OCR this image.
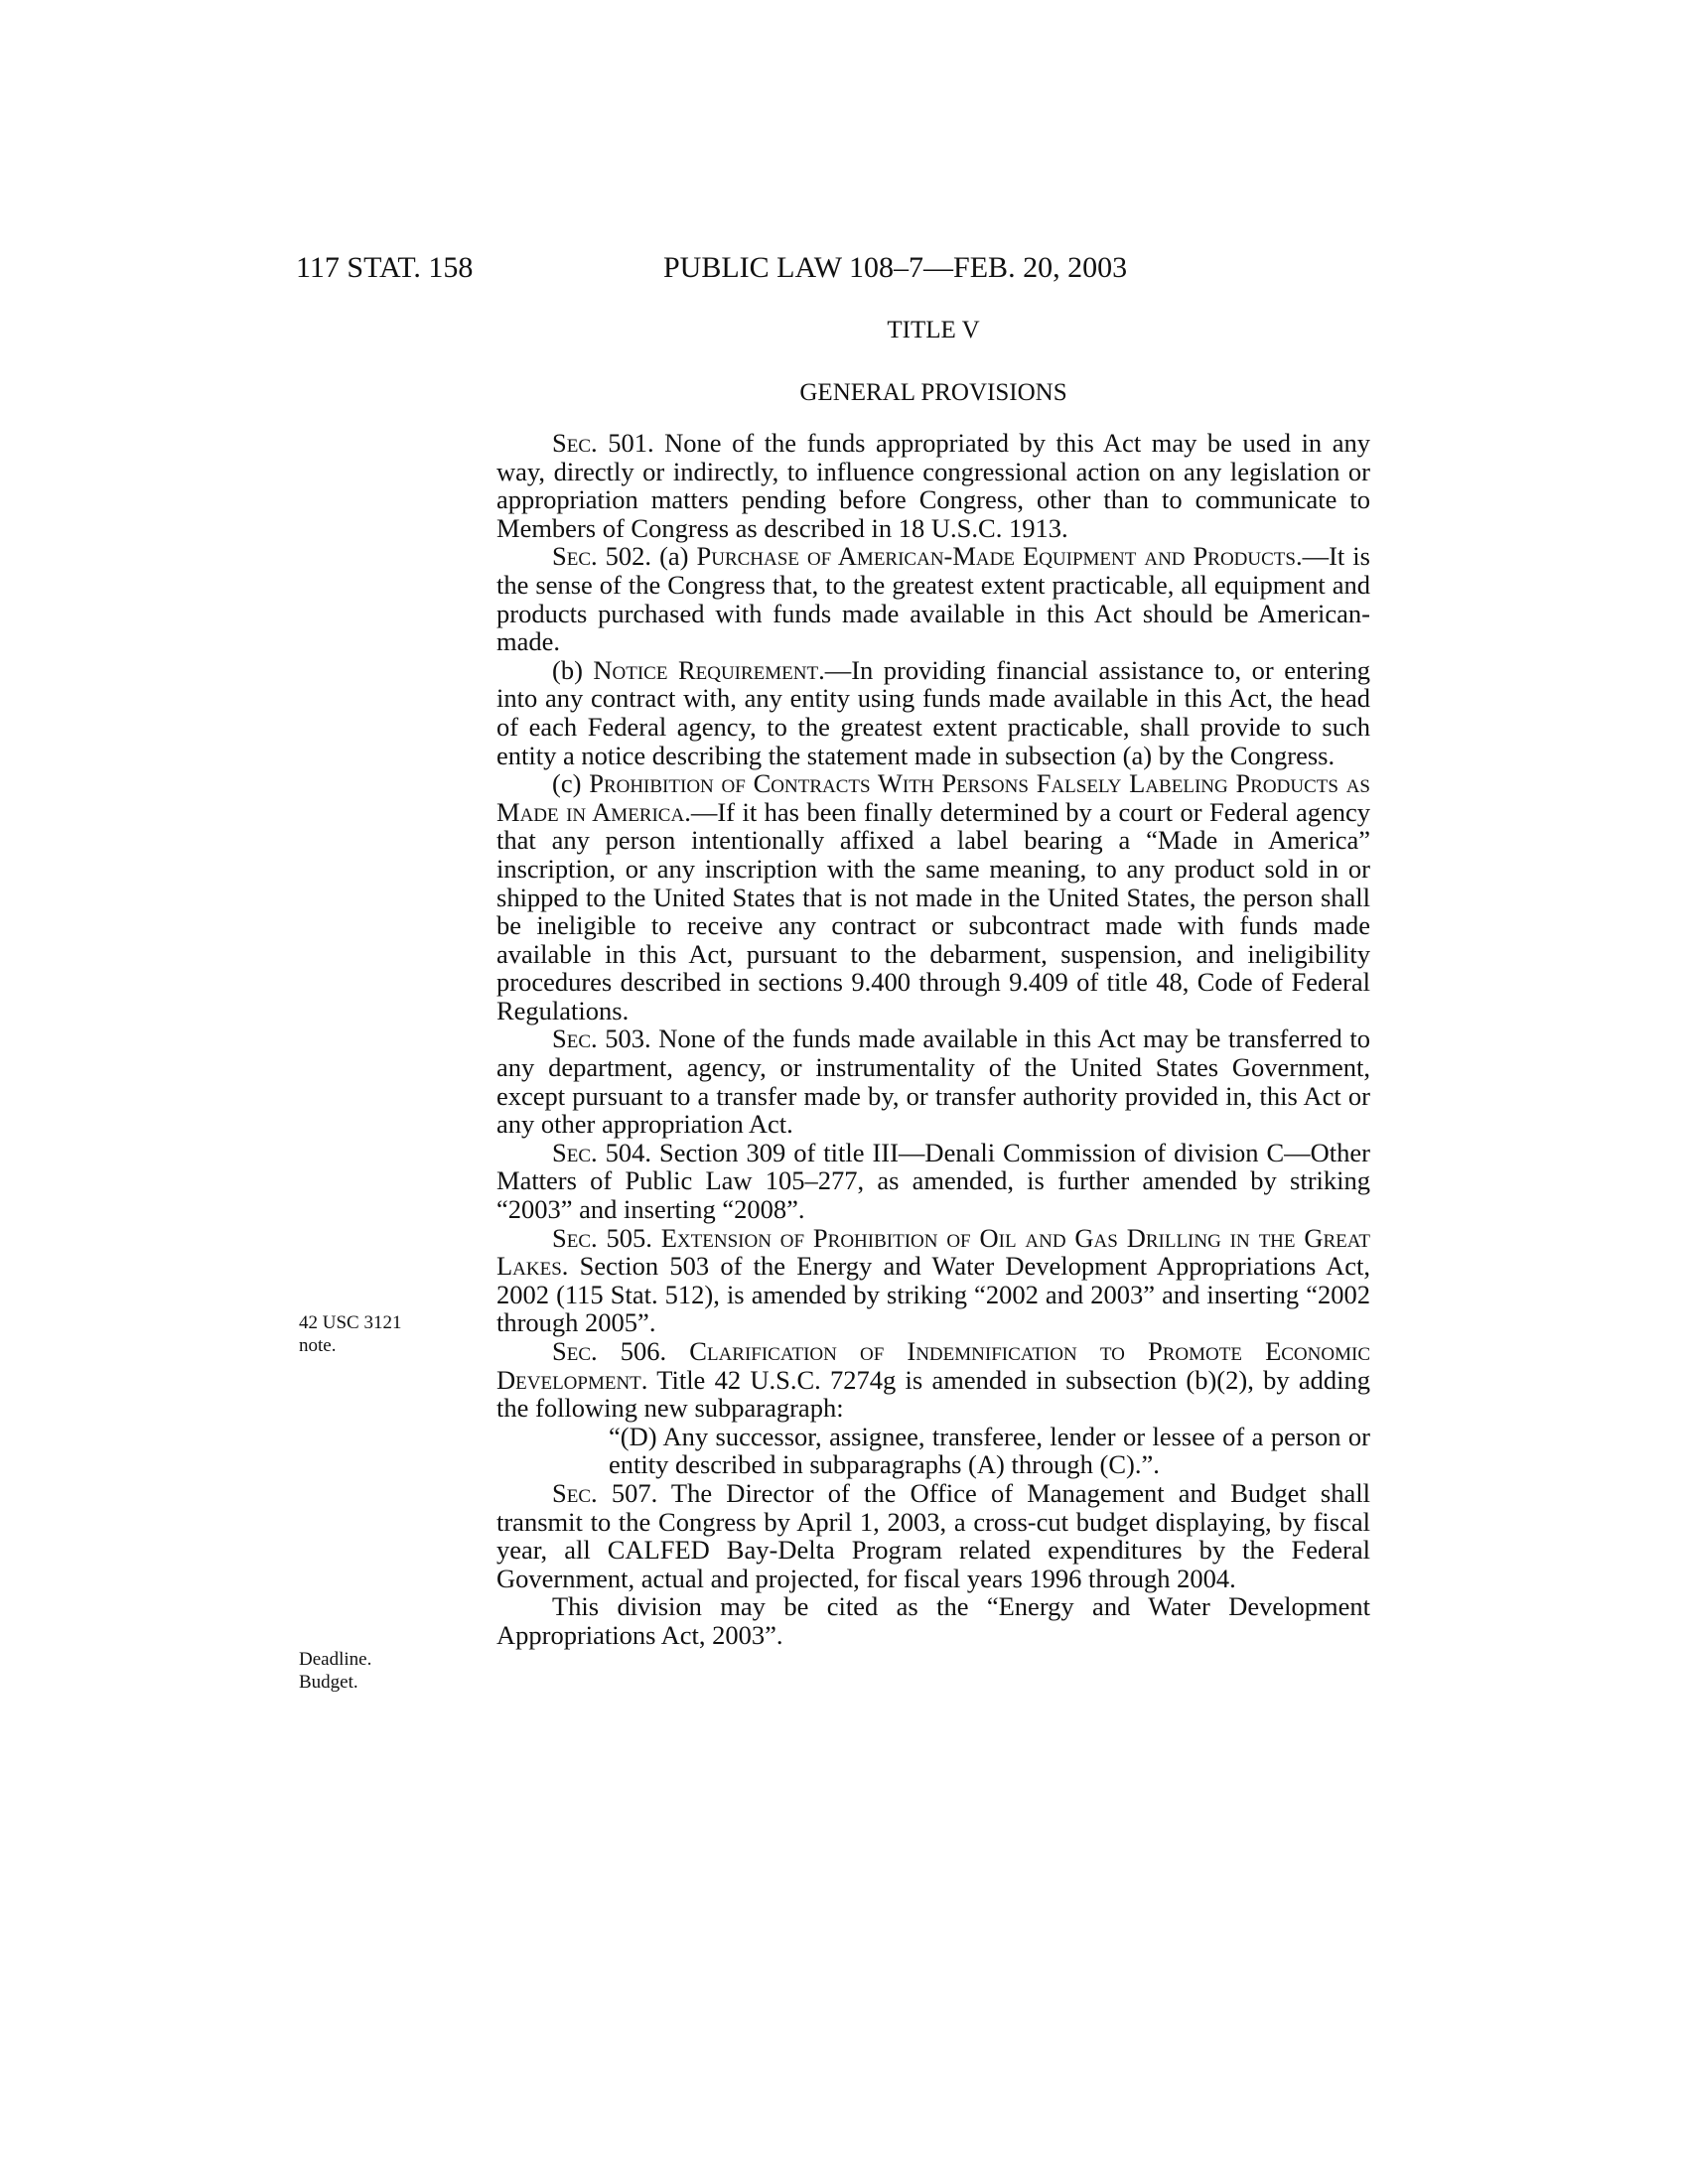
117 STAT. 158	PUBLIC LAW 108–7—FEB. 20, 2003
TITLE V
GENERAL PROVISIONS
42 USC 3121
note.
Deadline.
Budget.

Sec. 501. None of the funds appropriated by this Act may be used in any way, directly or indirectly, to influence congressional action on any legislation or appropriation matters pending before Congress, other than to communicate to Members of Congress as described in 18 U.S.C. 1913.

Sec. 502. (a) Purchase of American-Made Equipment and Products.—It is the sense of the Congress that, to the greatest extent practicable, all equipment and products purchased with funds made available in this Act should be American-made.

(b) Notice Requirement.—In providing financial assistance to, or entering into any contract with, any entity using funds made available in this Act, the head of each Federal agency, to the greatest extent practicable, shall provide to such entity a notice describing the statement made in subsection (a) by the Congress.

(c) Prohibition of Contracts With Persons Falsely Labeling Products as Made in America.—If it has been finally determined by a court or Federal agency that any person intentionally affixed a label bearing a “Made in America” inscription, or any inscription with the same meaning, to any product sold in or shipped to the United States that is not made in the United States, the person shall be ineligible to receive any contract or subcontract made with funds made available in this Act, pursuant to the debarment, suspension, and ineligibility procedures described in sections 9.400 through 9.409 of title 48, Code of Federal Regulations.

Sec. 503. None of the funds made available in this Act may be transferred to any department, agency, or instrumentality of the United States Government, except pursuant to a transfer made by, or transfer authority provided in, this Act or any other appropriation Act.

Sec. 504. Section 309 of title III—Denali Commission of division C—Other Matters of Public Law 105–277, as amended, is further amended by striking “2003” and inserting “2008”.

Sec. 505. Extension of Prohibition of Oil and Gas Drilling in the Great Lakes. Section 503 of the Energy and Water Development Appropriations Act, 2002 (115 Stat. 512), is amended by striking “2002 and 2003” and inserting “2002 through 2005”.

Sec. 506. Clarification of Indemnification to Promote Economic Development. Title 42 U.S.C. 7274g is amended in subsection (b)(2), by adding the following new subparagraph:

“(D) Any successor, assignee, transferee, lender or lessee of a person or entity described in subparagraphs (A) through (C).”.

Sec. 507. The Director of the Office of Management and Budget shall transmit to the Congress by April 1, 2003, a cross-cut budget displaying, by fiscal year, all CALFED Bay-Delta Program related expenditures by the Federal Government, actual and projected, for fiscal years 1996 through 2004.

This division may be cited as the “Energy and Water Development Appropriations Act, 2003”.
